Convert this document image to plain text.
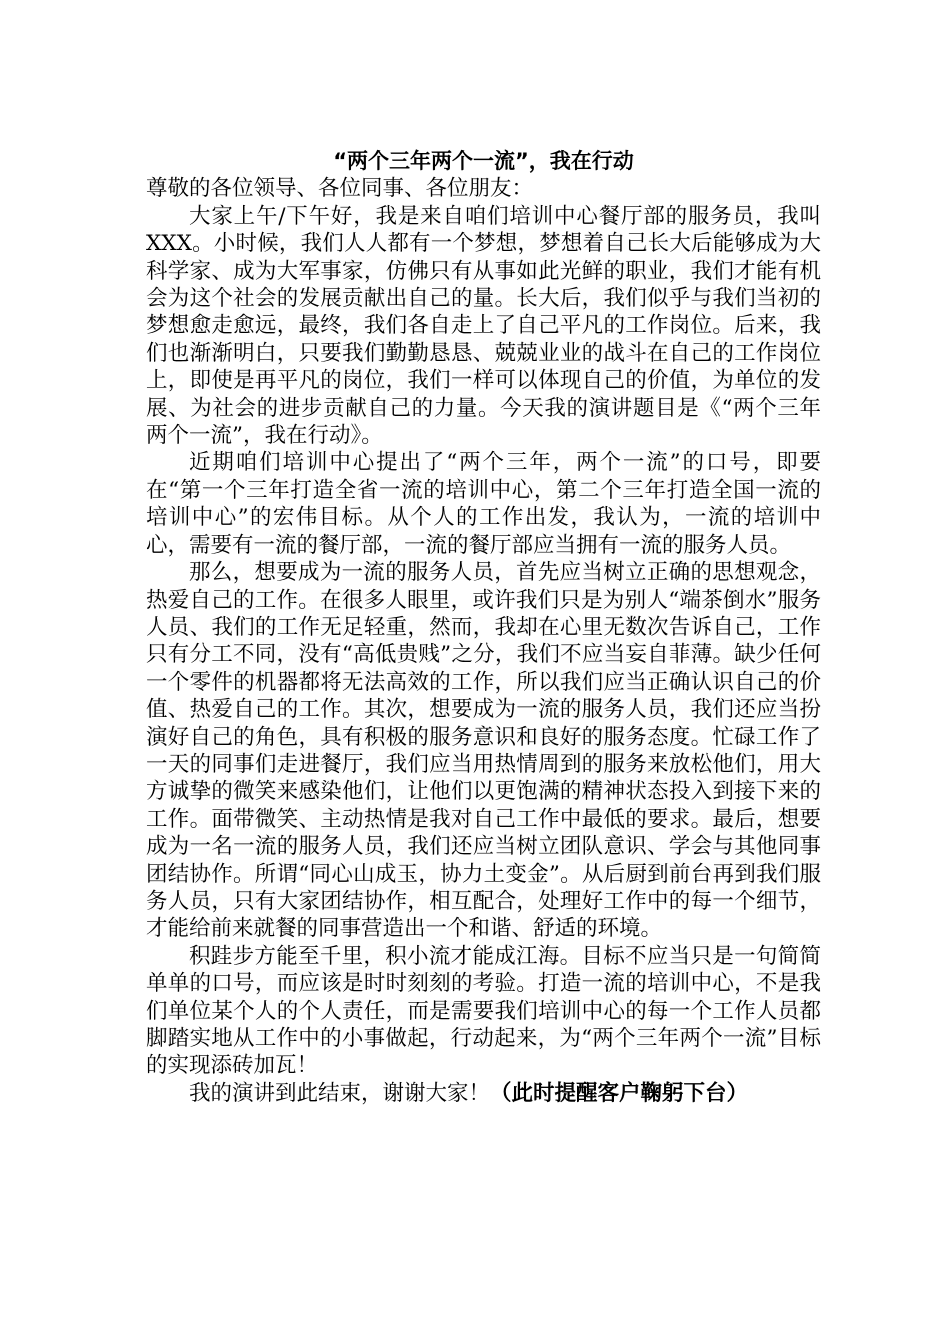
“两个三年两个一流”，我在行动

尊敬的各位领导、各位同事、各位朋友：

大家上午/下午好，我是来自咱们培训中心餐厅部的服务员，我叫XXX。小时候，我们人人都有一个梦想，梦想着自己长大后能够成为大科学家、成为大军事家，仿佛只有从事如此光鲜的职业，我们才能有机会为这个社会的发展贡献出自己的量。长大后，我们似乎与我们当初的梦想愈走愈远，最终，我们各自走上了自己平凡的工作岗位。后来，我们也渐渐明白，只要我们勤勤恳恳、兢兢业业的战斗在自己的工作岗位上，即使是再平凡的岗位，我们一样可以体现自己的价值，为单位的发展、为社会的进步贡献自己的力量。今天我的演讲题目是《“两个三年两个一流”，我在行动》。

近期咱们培训中心提出了“两个三年，两个一流”的口号，即要在“第一个三年打造全省一流的培训中心，第二个三年打造全国一流的培训中心”的宏伟目标。从个人的工作出发，我认为，一流的培训中心，需要有一流的餐厅部，一流的餐厅部应当拥有一流的服务人员。

那么，想要成为一流的服务人员，首先应当树立正确的思想观念，热爱自己的工作。在很多人眼里，或许我们只是为别人“端茶倒水”服务人员、我们的工作无足轻重，然而，我却在心里无数次告诉自己，工作只有分工不同，没有“高低贵贱”之分，我们不应当妄自菲薄。缺少任何一个零件的机器都将无法高效的工作，所以我们应当正确认识自己的价值、热爱自己的工作。其次，想要成为一流的服务人员，我们还应当扮演好自己的角色，具有积极的服务意识和良好的服务态度。忙碌工作了一天的同事们走进餐厅，我们应当用热情周到的服务来放松他们，用大方诚挚的微笑来感染他们，让他们以更饱满的精神状态投入到接下来的工作。面带微笑、主动热情是我对自己工作中最低的要求。最后，想要成为一名一流的服务人员，我们还应当树立团队意识、学会与其他同事团结协作。所谓“同心山成玉，协力土变金”。从后厨到前台再到我们服务人员，只有大家团结协作，相互配合，处理好工作中的每一个细节，才能给前来就餐的同事营造出一个和谐、舒适的环境。

积跬步方能至千里，积小流才能成江海。目标不应当只是一句简简单单的口号，而应该是时时刻刻的考验。打造一流的培训中心，不是我们单位某个人的个人责任，而是需要我们培训中心的每一个工作人员都脚踏实地从工作中的小事做起，行动起来，为“两个三年两个一流”目标的实现添砖加瓦！

我的演讲到此结束，谢谢大家！（此时提醒客户鞠躬下台）
